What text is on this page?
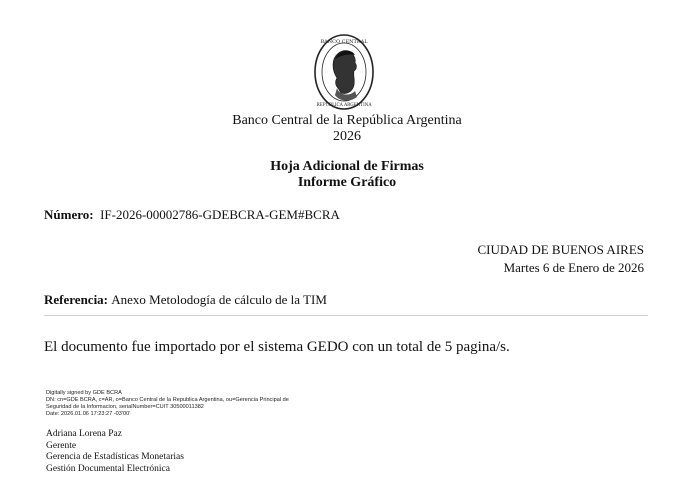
BANCO CENTRAL
REPUBLICA ARGENTINA
Banco Central de la República Argentina
2026
Hoja Adicional de Firmas
Informe Gráfico
Número: IF-2026-00002786-GDEBCRA-GEM#BCRA
CIUDAD DE BUENOS AIRES
Martes 6 de Enero de 2026
Referencia: Anexo Metolodogía de cálculo de la TIM
El documento fue importado por el sistema GEDO con un total de 5 pagina/s.
Digitally signed by GDE BCRA
DN: cn=GDE BCRA, c=AR, o=Banco Central de la Republica Argentina, ou=Gerencia Principal de
Seguridad de la Informacion, serialNumber=CUIT 30500011382
Date: 2026.01.06 17:23:27 -03'00'
Adriana Lorena Paz
Gerente
Gerencia de Estadísticas Monetarias
Gestión Documental Electrónica
